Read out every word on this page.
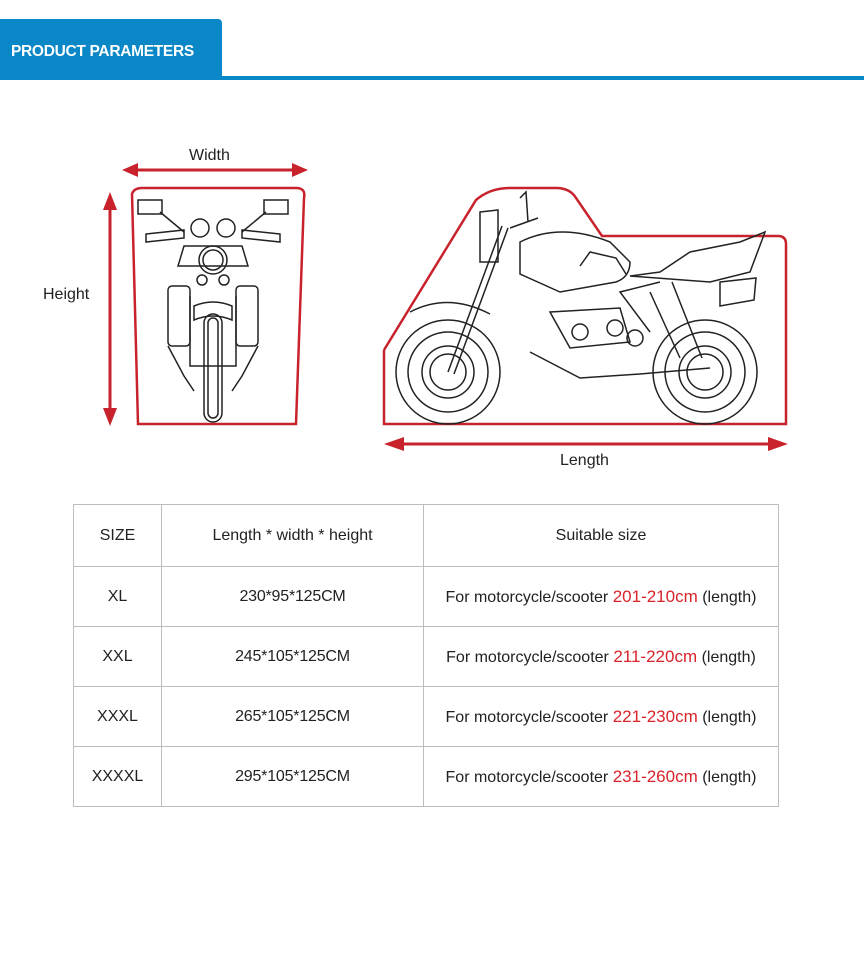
PRODUCT PARAMETERS
Width
Height
Length
SIZE	Length * width * height	Suitable size
XL	230*95*125CM	For motorcycle/scooter 201-210cm (length)
XXL	245*105*125CM	For motorcycle/scooter 211-220cm (length)
XXXL	265*105*125CM	For motorcycle/scooter 221-230cm (length)
XXXXL	295*105*125CM	For motorcycle/scooter 231-260cm (length)
